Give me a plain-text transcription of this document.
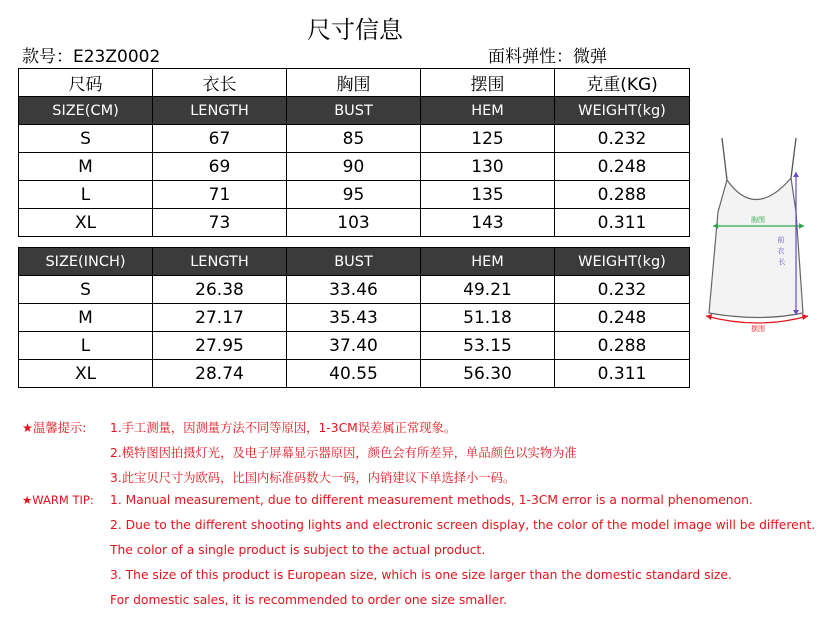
尺寸信息
款号：E23Z0002	面料弹性：微弹
尺码	衣长	胸围	摆围	克重(KG)
SIZE(CM)	LENGTH	BUST	HEM	WEIGHT(kg)
S	67	85	125	0.232
M	69	90	130	0.248
L	71	95	135	0.288
XL	73	103	143	0.311
SIZE(INCH)	LENGTH	BUST	HEM	WEIGHT(kg)
S	26.38	33.46	49.21	0.232
M	27.17	35.43	51.18	0.248
L	27.95	37.40	53.15	0.288
XL	28.74	40.55	56.30	0.311
胸围
前 衣 长
摆围
★温馨提示: 1.手工测量，因测量方法不同等原因，1-3CM误差属正常现象。
2.模特图因拍摄灯光，及电子屏幕显示器原因，颜色会有所差异，单品颜色以实物为准
3.此宝贝尺寸为欧码，比国内标准码数大一码，内销建议下单选择小一码。
★WARM TIP: 1. Manual measurement, due to different measurement methods, 1-3CM error is a normal phenomenon.
2. Due to the different shooting lights and electronic screen display, the color of the model image will be different.
The color of a single product is subject to the actual product.
3. The size of this product is European size, which is one size larger than the domestic standard size.
For domestic sales, it is recommended to order one size smaller.
